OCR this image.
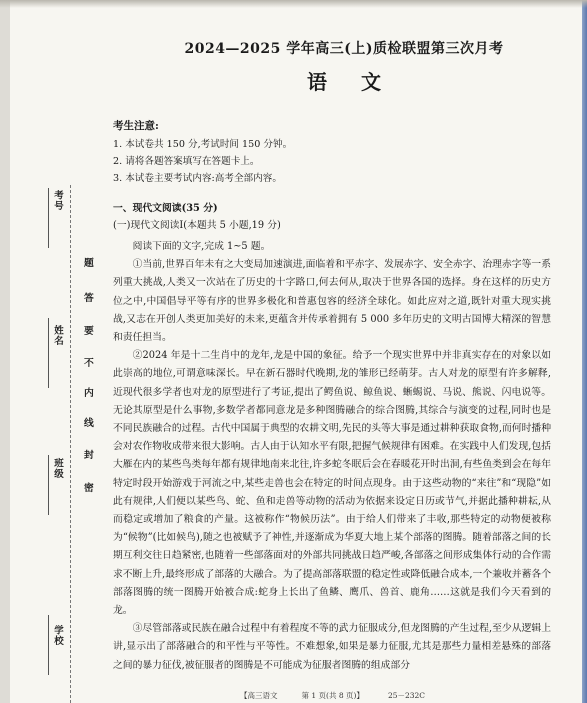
考号
姓名
班级
学校
题
答
要
不
内
线
封
密
2024—2025 学年高三(上)质检联盟第三次月考
语文
考生注意:
1. 本试卷共 150 分,考试时间 150 分钟。
2. 请将各题答案填写在答题卡上。
3. 本试卷主要考试内容:高考全部内容。
一、现代文阅读(35 分)
(一)现代文阅读Ⅰ(本题共 5 小题,19 分)

阅读下面的文字,完成 1~5 题。

①当前,世界百年未有之大变局加速演进,面临着和平赤字、发展赤字、安全赤字、治理赤字等一系列重大挑战,人类又一次站在了历史的十字路口,何去何从,取决于世界各国的选择。身在这样的历史方位之中,中国倡导平等有序的世界多极化和普惠包容的经济全球化。如此应对之道,既针对重大现实挑战,又志在开创人类更加美好的未来,更蕴含并传承着拥有 5 000 多年历史的文明古国博大精深的智慧和责任担当。

②2024 年是十二生肖中的龙年,龙是中国的象征。给予一个现实世界中并非真实存在的对象以如此崇高的地位,可谓意味深长。早在新石器时代晚期,龙的雏形已经萌芽。古人对龙的原型有许多解释,近现代很多学者也对龙的原型进行了考证,提出了鳄鱼说、鲸鱼说、蜥蜴说、马说、熊说、闪电说等。无论其原型是什么事物,多数学者都同意龙是多种图腾融合的综合图腾,其综合与演变的过程,同时也是不同民族融合的过程。古代中国属于典型的农耕文明,先民的头等大事是通过耕种获取食物,而何时播种会对农作物收成带来很大影响。古人由于认知水平有限,把握气候规律有困难。在实践中人们发现,包括大雁在内的某些鸟类每年都有规律地南来北往,许多蛇冬眠后会在春暖花开时出洞,有些鱼类到会在每年特定时段开始游戏于河流之中,某些走兽也会在特定的时间点现身。由于这些动物的“来往”和“现隐”如此有规律,人们便以某些鸟、蛇、鱼和走兽等动物的活动为依据来设定日历或节气,并据此播种耕耘,从而稳定或增加了粮食的产量。这被称作“物候历法”。由于给人们带来了丰收,那些特定的动物便被称为“候物”(比如候鸟),随之也被赋予了神性,并逐渐成为华夏大地上某个部落的图腾。随着部落之间的长期互利交往日趋紧密,也随着一些部落面对的外部共同挑战日趋严峻,各部落之间形成集体行动的合作需求不断上升,最终形成了部落的大融合。为了提高部落联盟的稳定性或降低融合成本,一个兼收并蓄各个部落图腾的统一图腾开始被合成:蛇身上长出了鱼鳞、鹰爪、兽首、鹿角……这就是我们今天看到的龙。

③尽管部落或民族在融合过程中有着程度不等的武力征服成分,但龙图腾的产生过程,至少从逻辑上讲,显示出了部落融合的和平性与平等性。不难想象,如果是暴力征服,尤其是那些力量相差悬殊的部落之间的暴力征伐,被征服者的图腾是不可能成为征服者图腾的组成部分

【高三语文	第 1 页(共 8 页)】	25－232C
